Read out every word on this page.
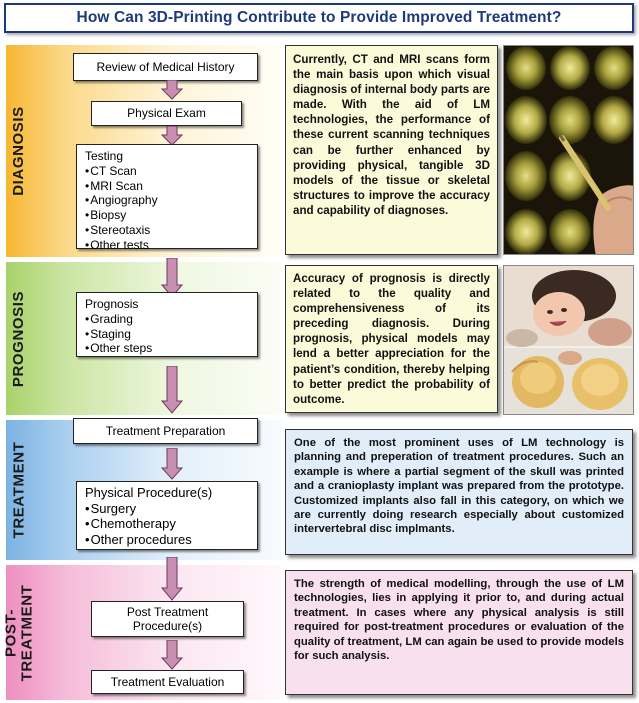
How Can 3D-Printing Contribute to Provide Improved Treatment?
DIAGNOSIS
PROGNOSIS
TREATMENT
POST- TREATMENT
Review of Medical History
Physical Exam
Testing
• CT Scan
• MRI Scan
• Angiography
• Biopsy
• Stereotaxis
• Other tests
Prognosis
• Grading
• Staging
• Other steps
Treatment Preparation
Physical Procedure(s)
• Surgery
• Chemotherapy
• Other procedures
Post Treatment
Procedure(s)
Treatment Evaluation
Currently, CT and MRI scans form the main basis upon which visual diagnosis of internal body parts are made. With the aid of LM technologies, the performance of these current scanning techniques can be further enhanced by providing physical, tangible 3D models of the tissue or skeletal structures to improve the accuracy and capability of diagnoses.
Accuracy of prognosis is directly related to the quality and comprehensiveness of its preceding diagnosis. During prognosis, physical models may lend a better appreciation for the patient’s condition, thereby helping to better predict the probability of outcome.
One of the most prominent uses of LM technology is planning and preperation of treatment procedures. Such an example is where a partial segment of the skull was printed and a cranioplasty implant was prepared from the prototype. Customized implants also fall in this category, on which we are currently doing research especially about customized intervertebral disc implmants.
The strength of medical modelling, through the use of LM technologies, lies in applying it prior to, and during actual treatment. In cases where any physical analysis is still required for post-treatment procedures or evaluation of the quality of treatment, LM can again be used to provide models for such analysis.
